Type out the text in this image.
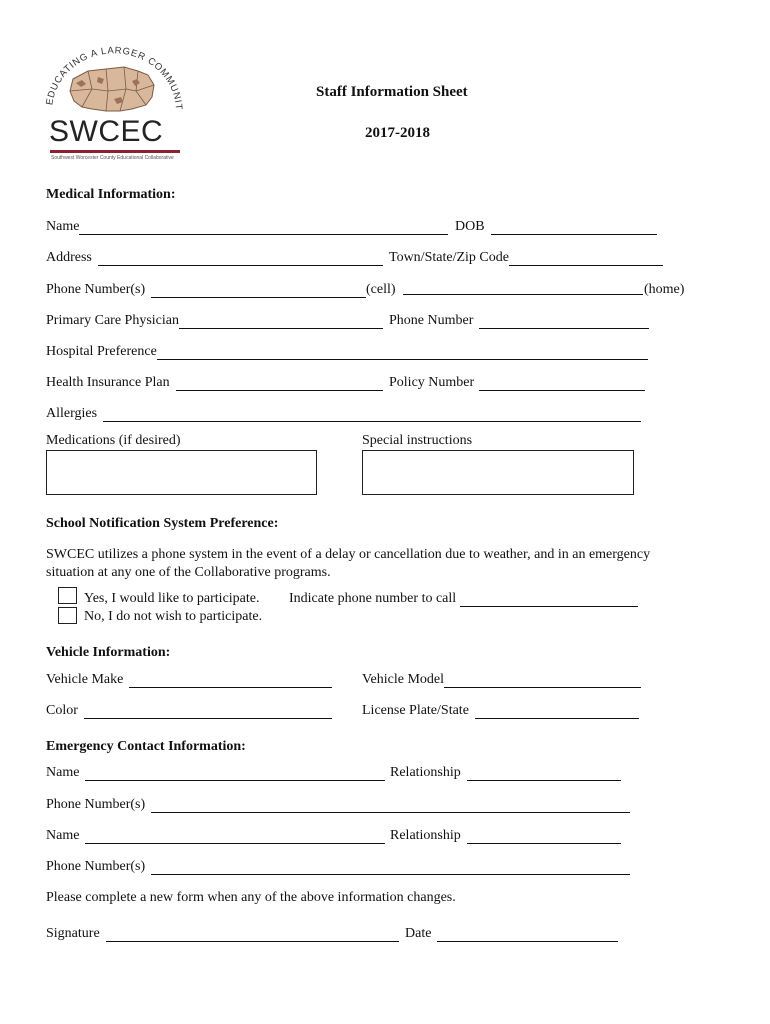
EDUCATING A LARGER COMMUNIT
SWCEC
Southwest Worcester County Educational Collaborative
Staff Information Sheet
2017-2018
Medical Information:
Name	DOB
Address	Town/State/Zip Code
Phone Number(s)	(cell)	(home)
Primary Care Physician	Phone Number
Hospital Preference
Health Insurance Plan	Policy Number
Allergies
Medications (if desired)	Special instructions
School Notification System Preference:
SWCEC utilizes a phone system in the event of a delay or cancellation due to weather, and in an emergency
situation at any one of the Collaborative programs.
Yes, I would like to participate. Indicate phone number to call
No, I do not wish to participate.
Vehicle Information:
Vehicle Make	Vehicle Model
Color	License Plate/State
Emergency Contact Information:
Name	Relationship
Phone Number(s)
Name	Relationship
Phone Number(s)
Please complete a new form when any of the above information changes.
Signature	Date
